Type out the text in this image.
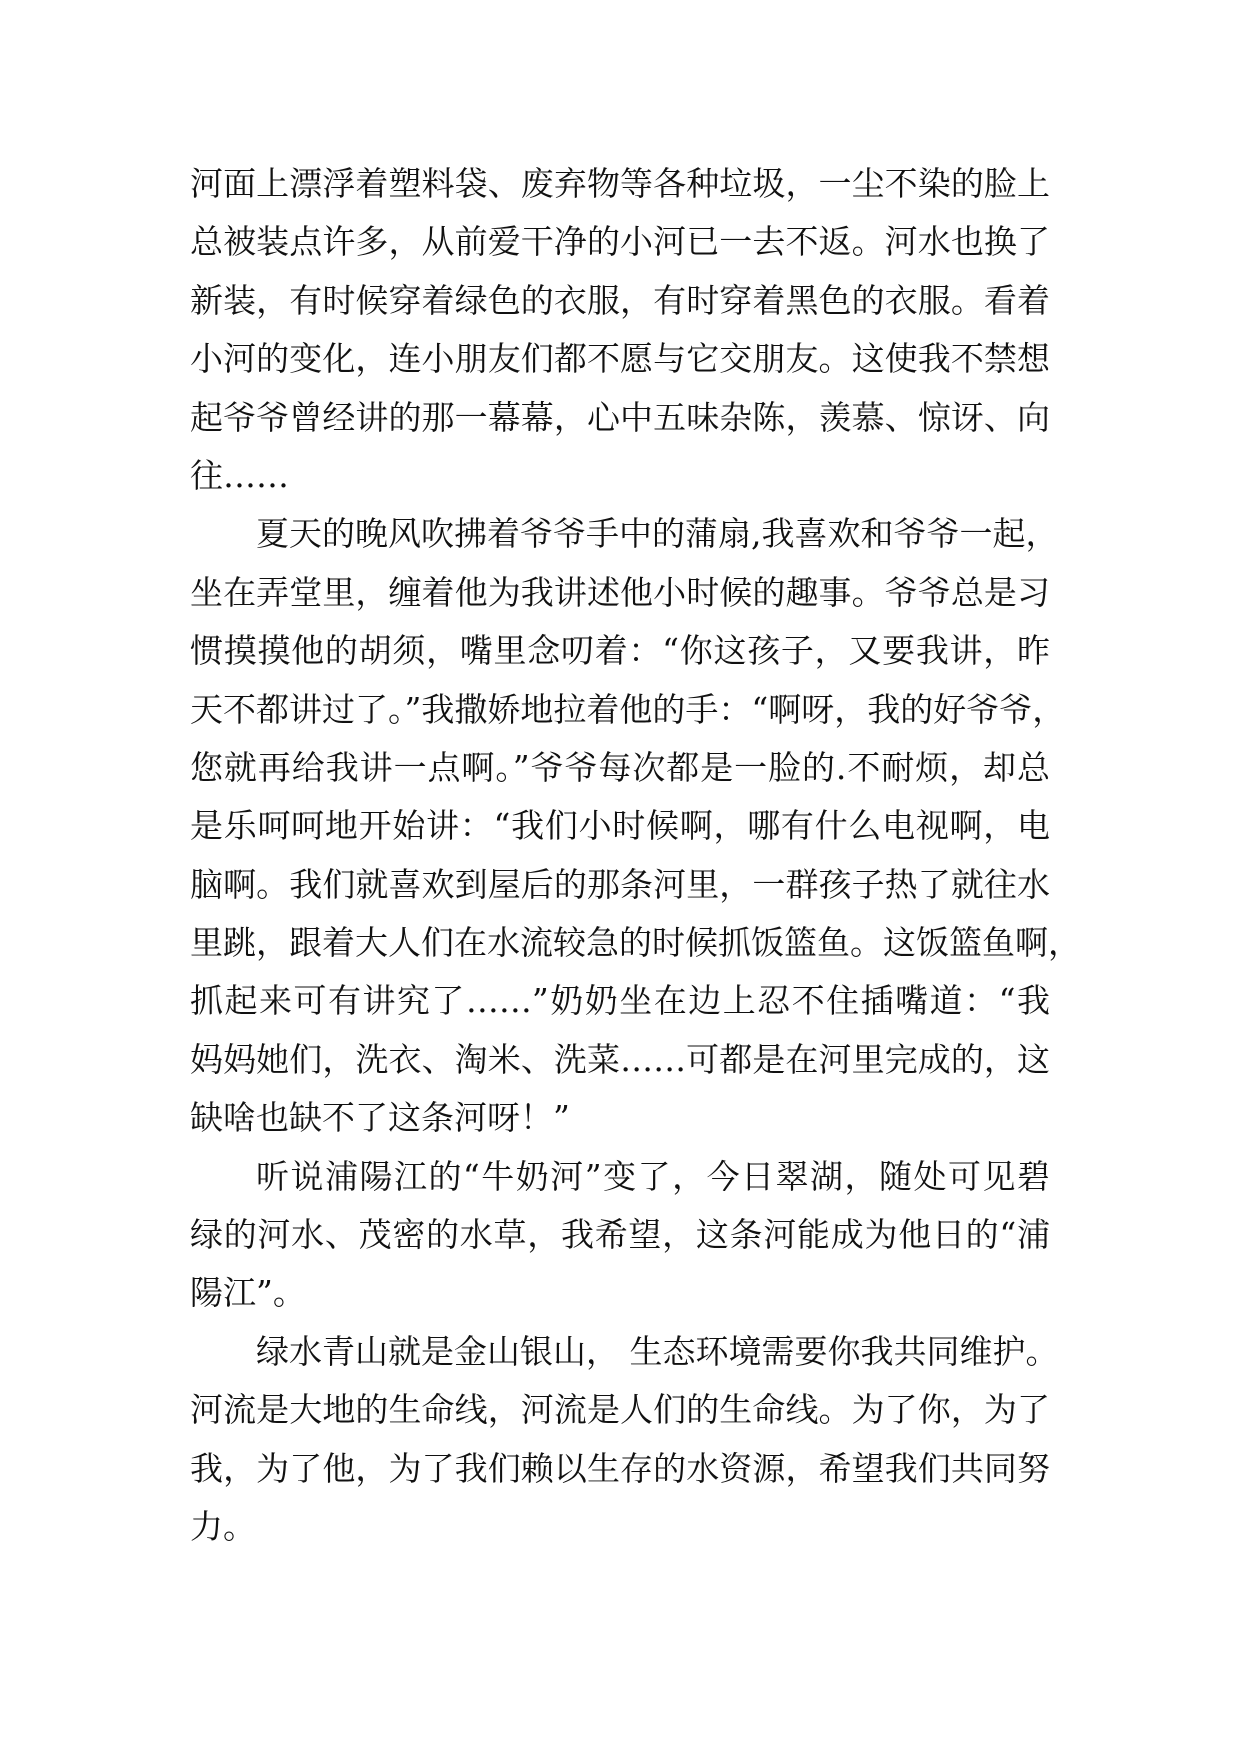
河面上漂浮着塑料袋、废弃物等各种垃圾，一尘不染的脸上
总被装点许多，从前爱干净的小河已一去不返。河水也换了
新装，有时候穿着绿色的衣服，有时穿着黑色的衣服。看着
小河的变化，连小朋友们都不愿与它交朋友。这使我不禁想
起爷爷曾经讲的那一幕幕，心中五味杂陈，羡慕、惊讶、向
往……
夏天的晚风吹拂着爷爷手中的蒲扇,我喜欢和爷爷一起，
坐在弄堂里，缠着他为我讲述他小时候的趣事。爷爷总是习
惯摸摸他的胡须，嘴里念叨着：“你这孩子，又要我讲，昨
天不都讲过了。”我撒娇地拉着他的手：“啊呀，我的好爷爷，
您就再给我讲一点啊。”爷爷每次都是一脸的.不耐烦，却总
是乐呵呵地开始讲：“我们小时候啊，哪有什么电视啊，电
脑啊。我们就喜欢到屋后的那条河里，一群孩子热了就往水
里跳，跟着大人们在水流较急的时候抓饭篮鱼。这饭篮鱼啊，
抓起来可有讲究了……”奶奶坐在边上忍不住插嘴道：“我
妈妈她们，洗衣、淘米、洗菜……可都是在河里完成的，这
缺啥也缺不了这条河呀！”
听说浦陽江的“牛奶河”变了，今日翠湖，随处可见碧
绿的河水、茂密的水草，我希望，这条河能成为他日的“浦
陽江”。
绿水青山就是金山银山， 生态环境需要你我共同维护。
河流是大地的生命线，河流是人们的生命线。为了你，为了
我，为了他，为了我们赖以生存的水资源，希望我们共同努
力。
